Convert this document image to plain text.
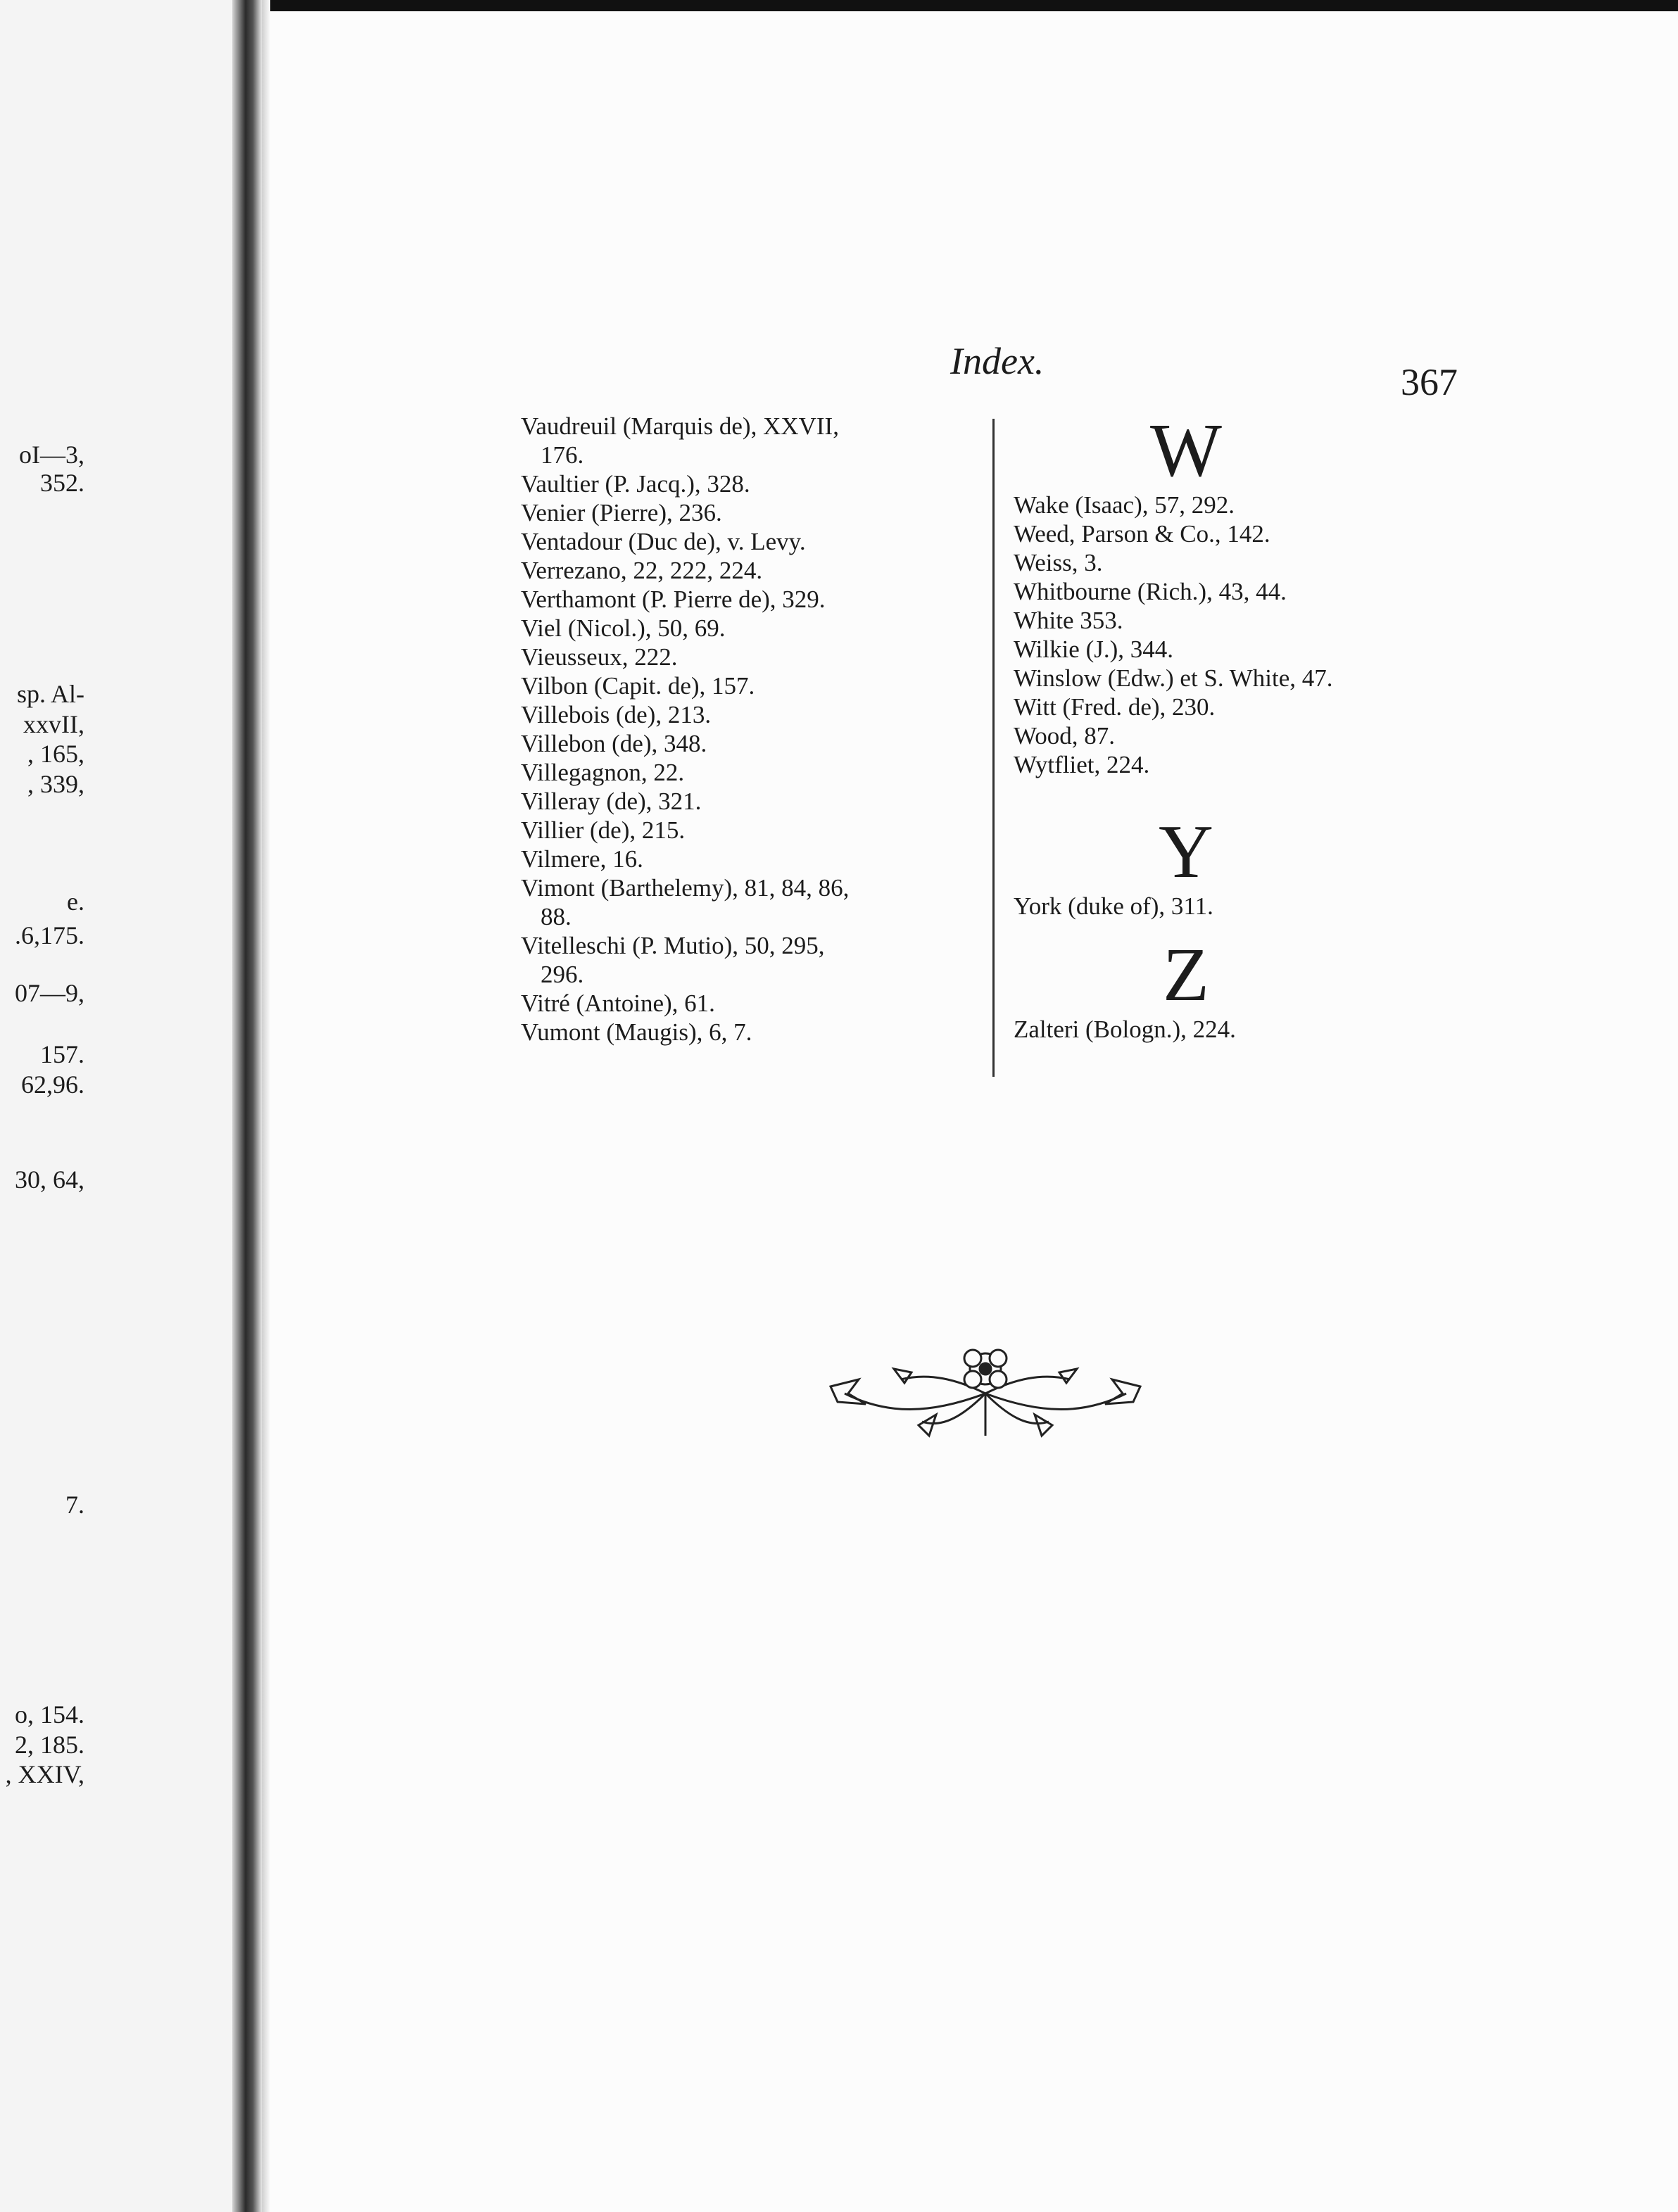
oI—3,
352.
sp. Al-
xxvII,
, 165,
, 339,
e.
.6,175.
07—9,
157.
62,96.
30, 64,
7.
o, 154.
2, 185.
, XXIV,
Index.	367
Vaudreuil (Marquis de), XXVII,
176.
Vaultier (P. Jacq.), 328.
Venier (Pierre), 236.
Ventadour (Duc de), v. Levy.
Verrezano, 22, 222, 224.
Verthamont (P. Pierre de), 329.
Viel (Nicol.), 50, 69.
Vieusseux, 222.
Vilbon (Capit. de), 157.
Villebois (de), 213.
Villebon (de), 348.
Villegagnon, 22.
Villeray (de), 321.
Villier (de), 215.
Vilmere, 16.
Vimont (Barthelemy), 81, 84, 86,
88.
Vitelleschi (P. Mutio), 50, 295,
296.
Vitré (Antoine), 61.
Vumont (Maugis), 6, 7.
W
Wake (Isaac), 57, 292.
Weed, Parson & Co., 142.
Weiss, 3.
Whitbourne (Rich.), 43, 44.
White 353.
Wilkie (J.), 344.
Winslow (Edw.) et S. White, 47.
Witt (Fred. de), 230.
Wood, 87.
Wytfliet, 224.
Y
York (duke of), 311.
Z
Zalteri (Bologn.), 224.
